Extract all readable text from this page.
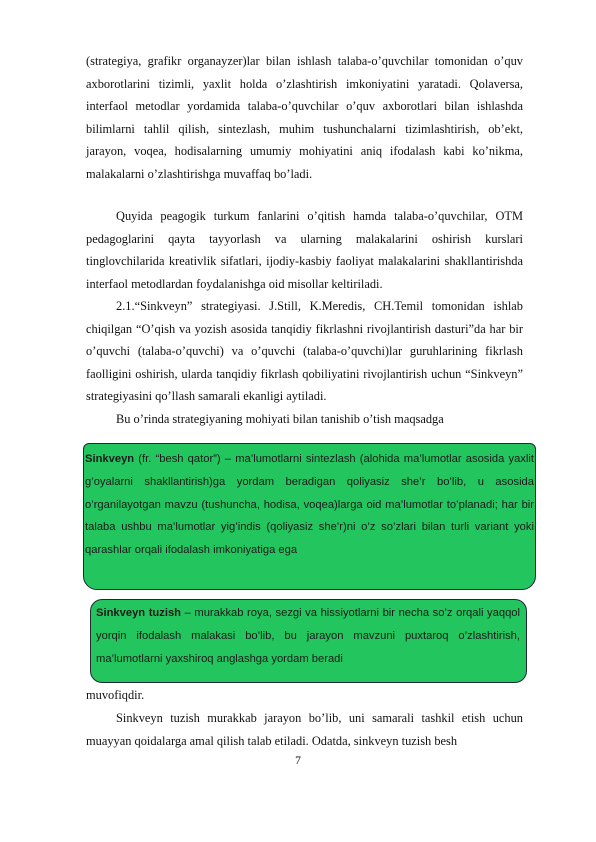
​

(strategiya, grafikr organayzer)lar bilan ishlash talaba-o’quvchilar tomonidan o’quv axborotlarini tizimli, yaxlit holda o’zlashtirish imkoniyatini yaratadi. Qolaversa, interfaol metodlar yordamida talaba-o’quvchilar o’quv axborotlari bilan ishlashda bilimlarni tahlil qilish, sintezlash, muhim tushunchalarni tizimlashtirish, ob’ekt, jarayon, voqea, hodisalarning umumiy mohiyatini aniq ifodalash kabi ko’nikma, malakalarni o’zlashtirishga muvaffaq bo’ladi.

Quyida peagogik turkum fanlarini o’qitish hamda talaba-o’quvchilar, OTM pedagoglarini qayta tayyorlash va ularning malakalarini oshirish kurslari tinglovchilarida kreativlik sifatlari, ijodiy-kasbiy faoliyat malakalarini shakllantirishda interfaol metodlardan foydalanishga oid misollar keltiriladi.

2.1.“Sinkveyn” strategiyasi. J.Still, K.Meredis, CH.Temil tomonidan ishlab chiqilgan “O’qish va yozish asosida tanqidiy fikrlashni rivojlantirish dasturi”da har bir o’quvchi (talaba-o’quvchi) va o’quvchi (talaba-o’quvchi)lar guruhlarining fikrlash faolligini oshirish, ularda tanqidiy fikrlash qobiliyatini rivojlantirish uchun “Sinkveyn” strategiyasini qo’llash samarali ekanligi aytiladi.

Bu o’rinda strategiyaning mohiyati bilan tanishib o’tish maqsadga

Sinkveyn (fr. “besh qator”) – ma’lumotlarni sintezlash (alohida ma’lumotlar asosida yaxlit g’oyalarni shakllantirish)ga yordam beradigan qoliyasiz she’r bo’lib, u asosida o’rganilayotgan mavzu (tushuncha, hodisa, voqea)larga oid ma’lumotlar to’planadi; har bir talaba ushbu ma’lumotlar yig’indis (qoliyasiz she’r)ni o’z so’zlari bilan turli variant yoki qarashlar orqali ifodalash imkoniyatiga ega
Sinkveyn tuzish – murakkab roya, sezgi va hissiyotlarni bir necha so’z orqali yaqqol yorqin ifodalash malakasi bo’lib, bu jarayon mavzuni puxtaroq o’zlashtirish, ma’lumotlarni yaxshiroq anglashga yordam beradi

muvofiqdir.

Sinkveyn tuzish murakkab jarayon bo’lib, uni samarali tashkil etish uchun muayyan qoidalarga amal qilish talab etiladi. Odatda, sinkveyn tuzish besh

7
